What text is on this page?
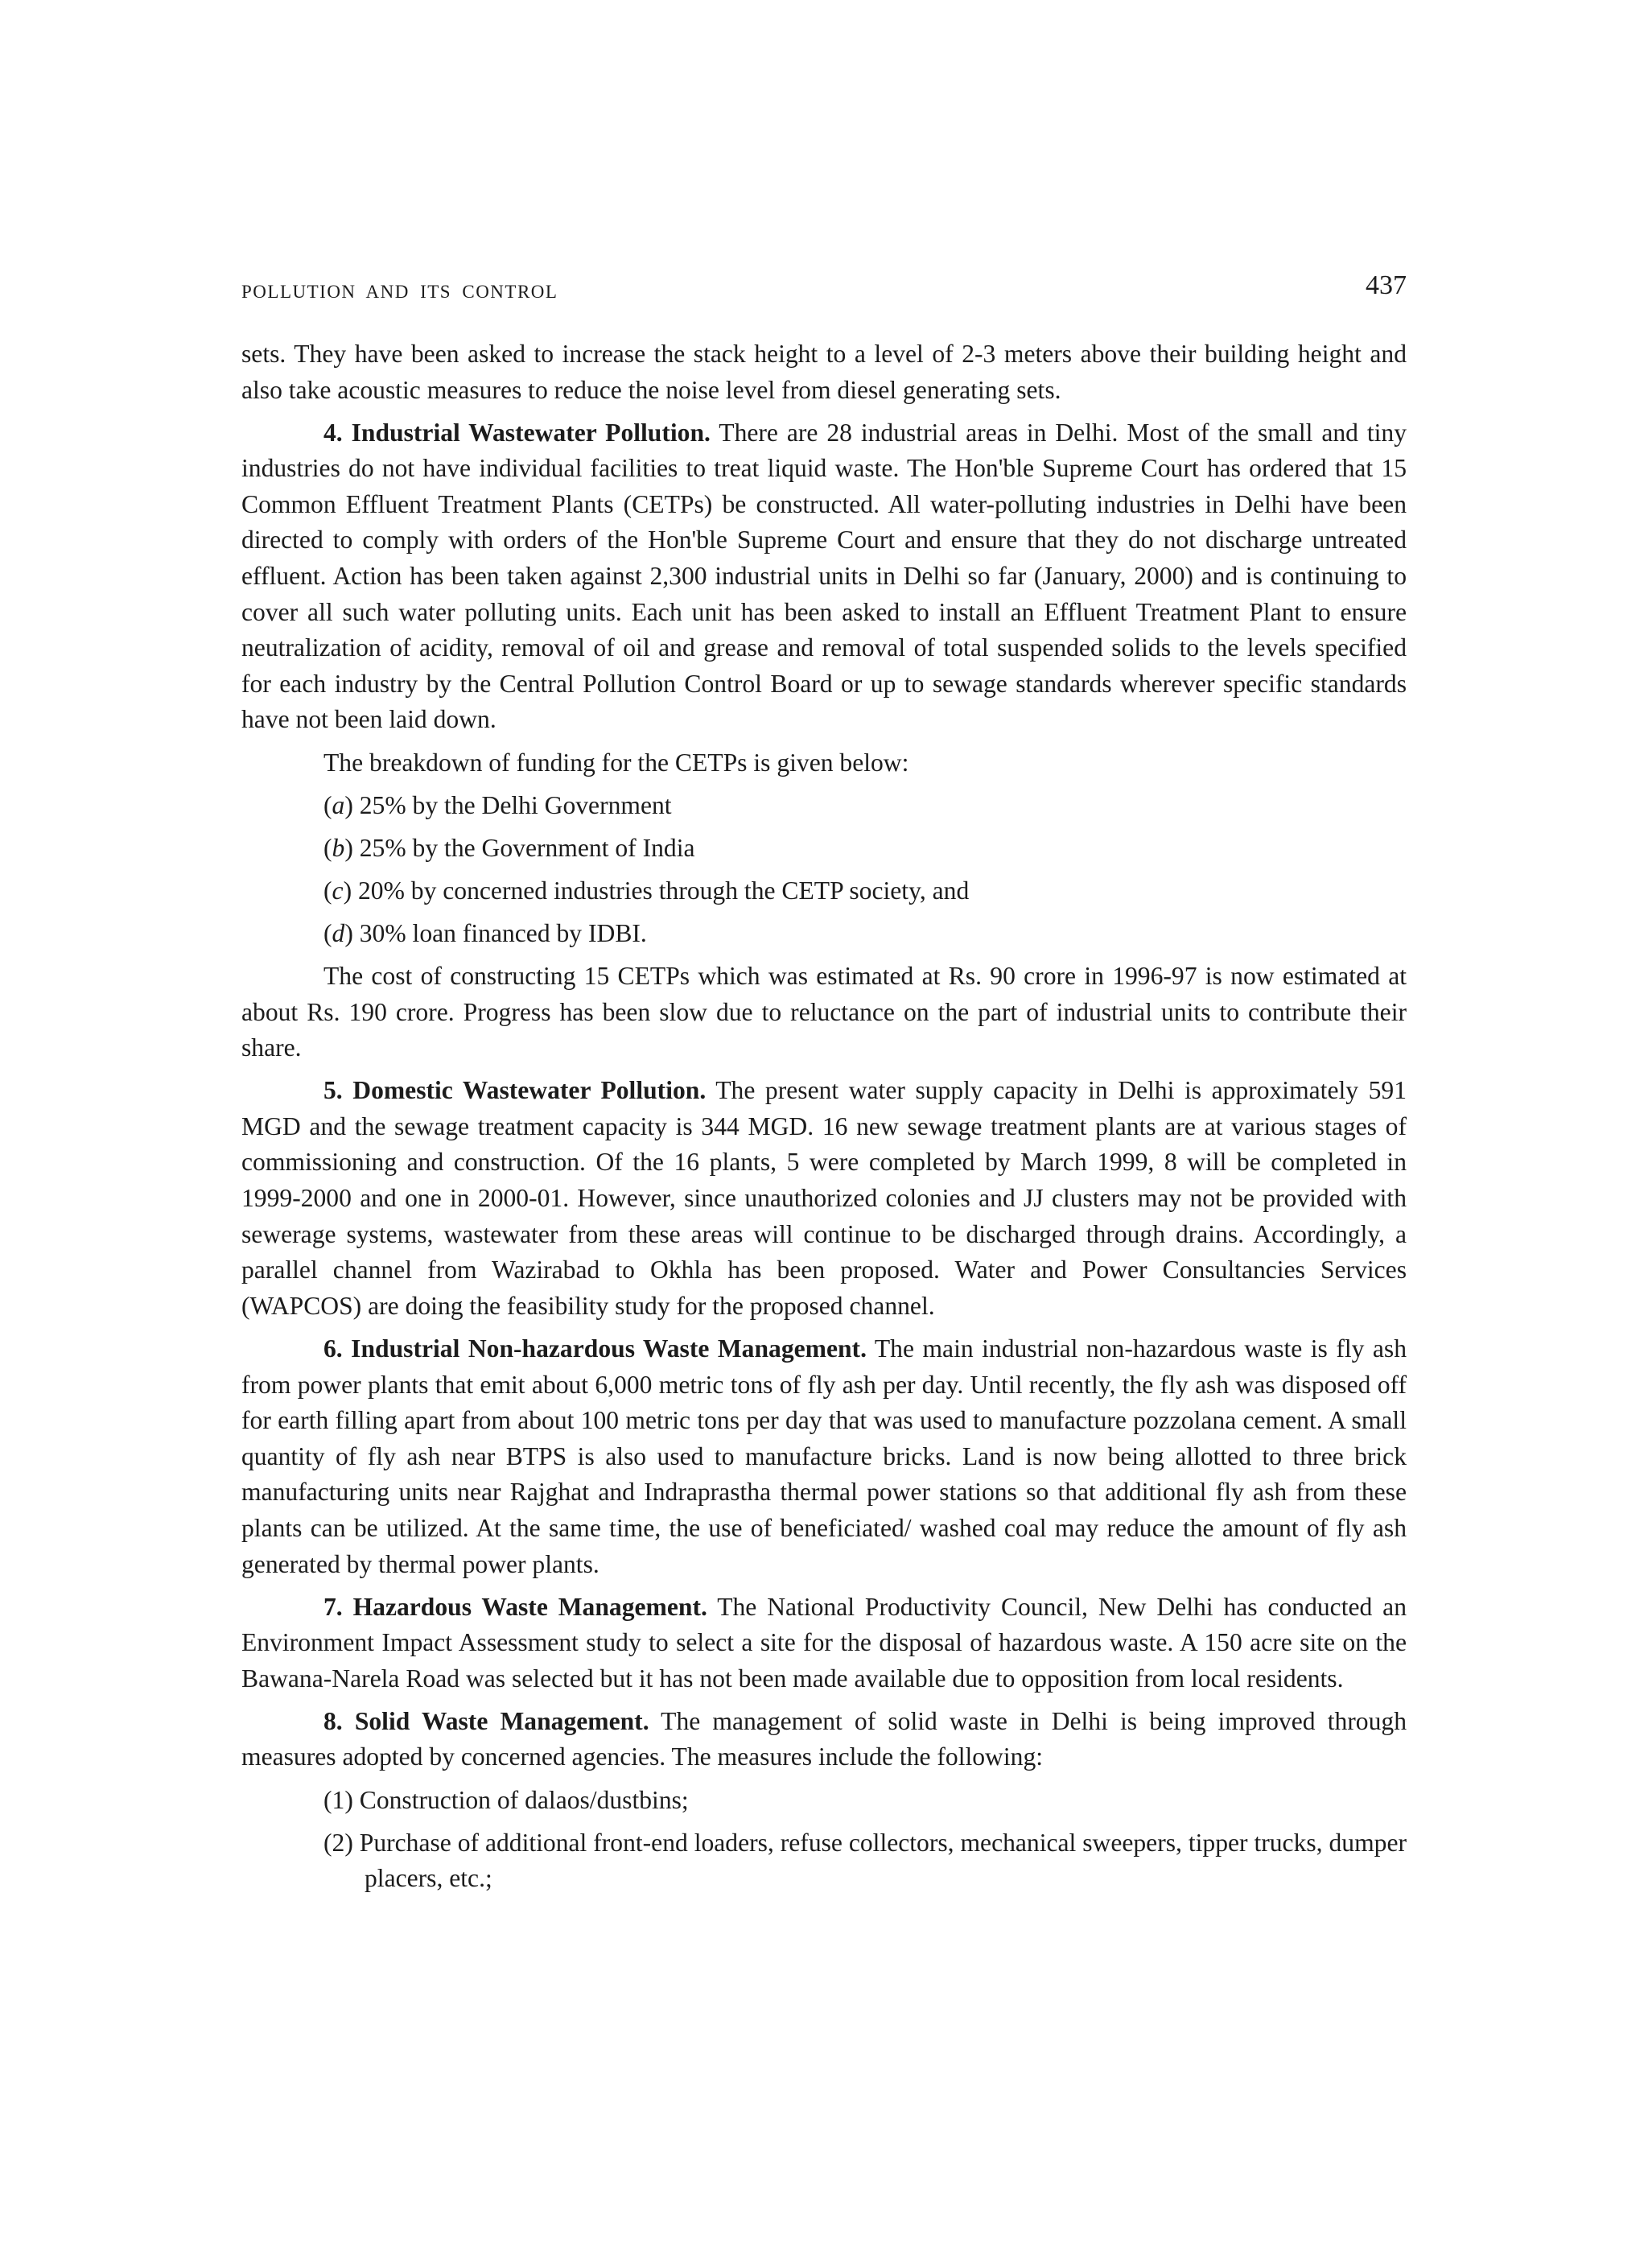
POLLUTION AND ITS CONTROL	437

sets. They have been asked to increase the stack height to a level of 2-3 meters above their building height and also take acoustic measures to reduce the noise level from diesel generating sets.

4. Industrial Wastewater Pollution. There are 28 industrial areas in Delhi. Most of the small and tiny industries do not have individual facilities to treat liquid waste. The Hon'ble Supreme Court has ordered that 15 Common Effluent Treatment Plants (CETPs) be constructed. All water-polluting industries in Delhi have been directed to comply with orders of the Hon'ble Supreme Court and ensure that they do not discharge untreated effluent. Action has been taken against 2,300 industrial units in Delhi so far (January, 2000) and is continuing to cover all such water polluting units. Each unit has been asked to install an Effluent Treatment Plant to ensure neutralization of acidity, removal of oil and grease and removal of total suspended solids to the levels specified for each industry by the Central Pollution Control Board or up to sewage standards wherever specific standards have not been laid down.

The breakdown of funding for the CETPs is given below:

(a) 25% by the Delhi Government
(b) 25% by the Government of India
(c) 20% by concerned industries through the CETP society, and
(d) 30% loan financed by IDBI.

The cost of constructing 15 CETPs which was estimated at Rs. 90 crore in 1996-97 is now estimated at about Rs. 190 crore. Progress has been slow due to reluctance on the part of industrial units to contribute their share.

5. Domestic Wastewater Pollution. The present water supply capacity in Delhi is approximately 591 MGD and the sewage treatment capacity is 344 MGD. 16 new sewage treatment plants are at various stages of commissioning and construction. Of the 16 plants, 5 were completed by March 1999, 8 will be completed in 1999-2000 and one in 2000-01. However, since unauthorized colonies and JJ clusters may not be provided with sewerage systems, wastewater from these areas will continue to be discharged through drains. Accordingly, a parallel channel from Wazirabad to Okhla has been proposed. Water and Power Consultancies Services (WAPCOS) are doing the feasibility study for the proposed channel.

6. Industrial Non-hazardous Waste Management. The main industrial non-hazardous waste is fly ash from power plants that emit about 6,000 metric tons of fly ash per day. Until recently, the fly ash was disposed off for earth filling apart from about 100 metric tons per day that was used to manufacture pozzolana cement. A small quantity of fly ash near BTPS is also used to manufacture bricks. Land is now being allotted to three brick manufacturing units near Rajghat and Indraprastha thermal power stations so that additional fly ash from these plants can be utilized. At the same time, the use of beneficiated/ washed coal may reduce the amount of fly ash generated by thermal power plants.

7. Hazardous Waste Management. The National Productivity Council, New Delhi has conducted an Environment Impact Assessment study to select a site for the disposal of hazardous waste. A 150 acre site on the Bawana-Narela Road was selected but it has not been made available due to opposition from local residents.

8. Solid Waste Management. The management of solid waste in Delhi is being improved through measures adopted by concerned agencies. The measures include the following:

(1) Construction of dalaos/dustbins;
(2) Purchase of additional front-end loaders, refuse collectors, mechanical sweepers, tipper trucks, dumper placers, etc.;
